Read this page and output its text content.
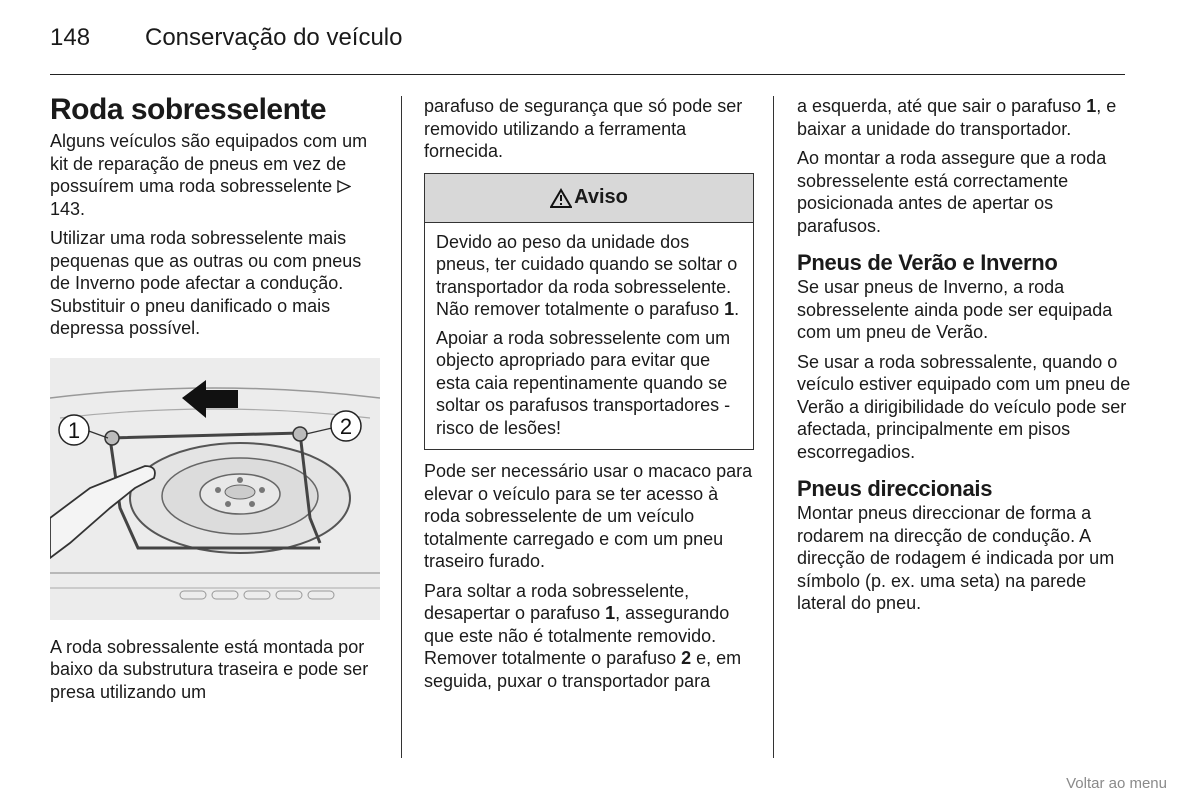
148	Conservação do veículo
Roda sobresselente

Alguns veículos são equipados com um kit de reparação de pneus em vez de possuírem uma roda sobresselente  143.

Utilizar uma roda sobresselente mais pequenas que as outras ou com pneus de Inverno pode afectar a condução. Substituir o pneu danificado o mais depressa possível.

1	2

A roda sobressalente está montada por baixo da substrutura traseira e pode ser presa utilizando um

parafuso de segurança que só pode ser removido utilizando a ferramenta fornecida.

Aviso

Devido ao peso da unidade dos pneus, ter cuidado quando se soltar o transportador da roda sobresselente. Não remover totalmente o parafuso 1.

Apoiar a roda sobresselente com um objecto apropriado para evitar que esta caia repentinamente quando se soltar os parafusos transportadores - risco de lesões!

Pode ser necessário usar o macaco para elevar o veículo para se ter acesso à roda sobresselente de um veículo totalmente carregado e com um pneu traseiro furado.

Para soltar a roda sobresselente, desapertar o parafuso 1, assegurando que este não é totalmente removido. Remover totalmente o parafuso 2 e, em seguida, puxar o transportador para

a esquerda, até que sair o parafuso 1, e baixar a unidade do transportador.

Ao montar a roda assegure que a roda sobresselente está correctamente posicionada antes de apertar os parafusos.

Pneus de Verão e Inverno

Se usar pneus de Inverno, a roda sobresselente ainda pode ser equipada com um pneu de Verão.

Se usar a roda sobressalente, quando o veículo estiver equipado com um pneu de Verão a dirigibilidade do veículo pode ser afectada, principalmente em pisos escorregadios.

Pneus direccionais

Montar pneus direccionar de forma a rodarem na direcção de condução. A direcção de rodagem é indicada por um símbolo (p. ex. uma seta) na parede lateral do pneu.

Voltar ao menu
